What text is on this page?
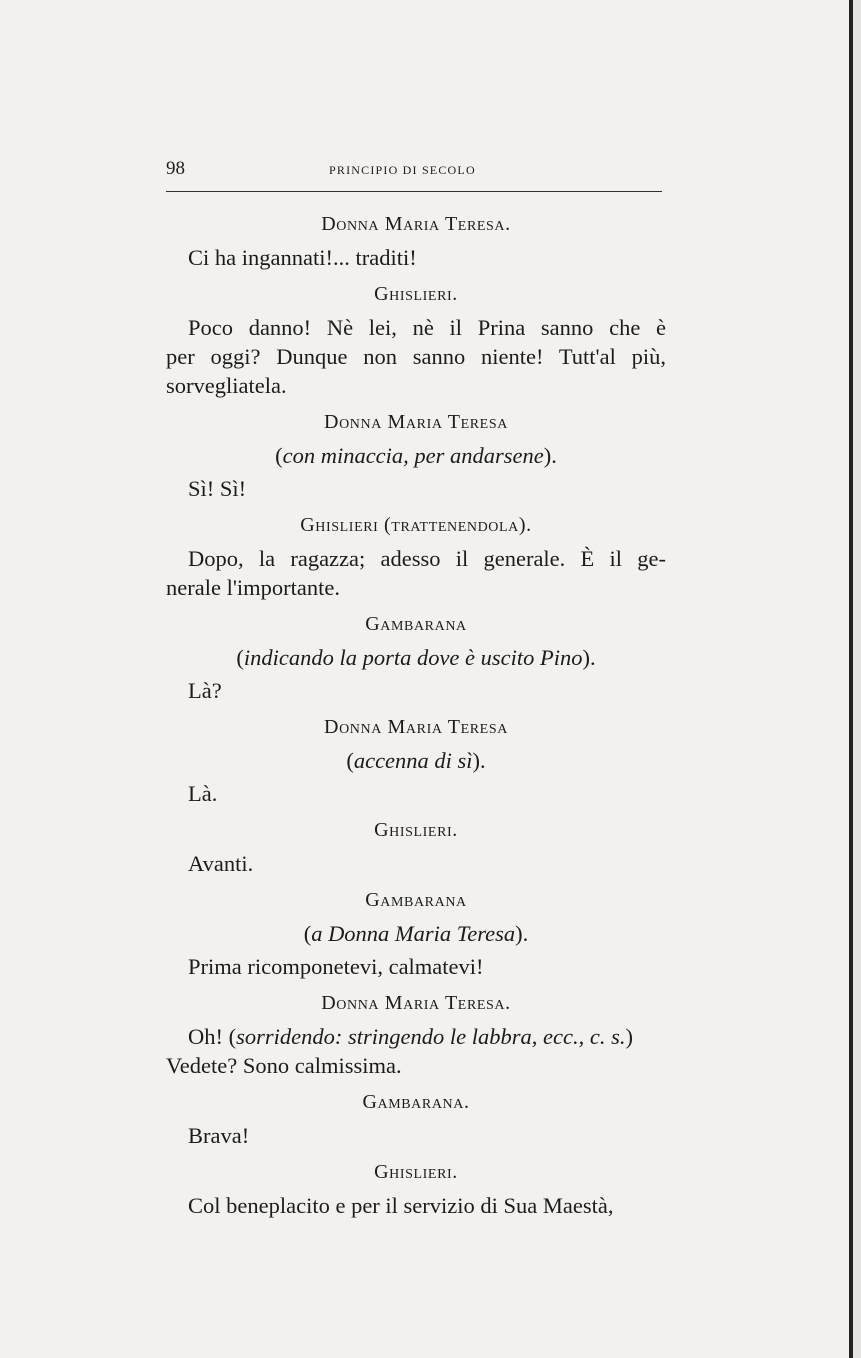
98	PRINCIPIO DI SECOLO
Donna Maria Teresa.
Ci ha ingannati!... traditi!
Ghislieri.
Poco danno! Nè lei, nè il Prina sanno che è
per oggi? Dunque non sanno niente! Tutt'al più,
sorvegliatela.
Donna Maria Teresa
(con minaccia, per andarsene).
Sì! Sì!
Ghislieri (trattenendola).
Dopo, la ragazza; adesso il generale. È il ge-
nerale l'importante.
Gambarana
(indicando la porta dove è uscito Pino).
Là?
Donna Maria Teresa
(accenna di sì).
Là.
Ghislieri.
Avanti.
Gambarana
(a Donna Maria Teresa).
Prima ricomponetevi, calmatevi!
Donna Maria Teresa.
Oh! (sorridendo: stringendo le labbra, ecc., c. s.)
Vedete? Sono calmissima.
Gambarana.
Brava!
Ghislieri.
Col beneplacito e per il servizio di Sua Maestà,
